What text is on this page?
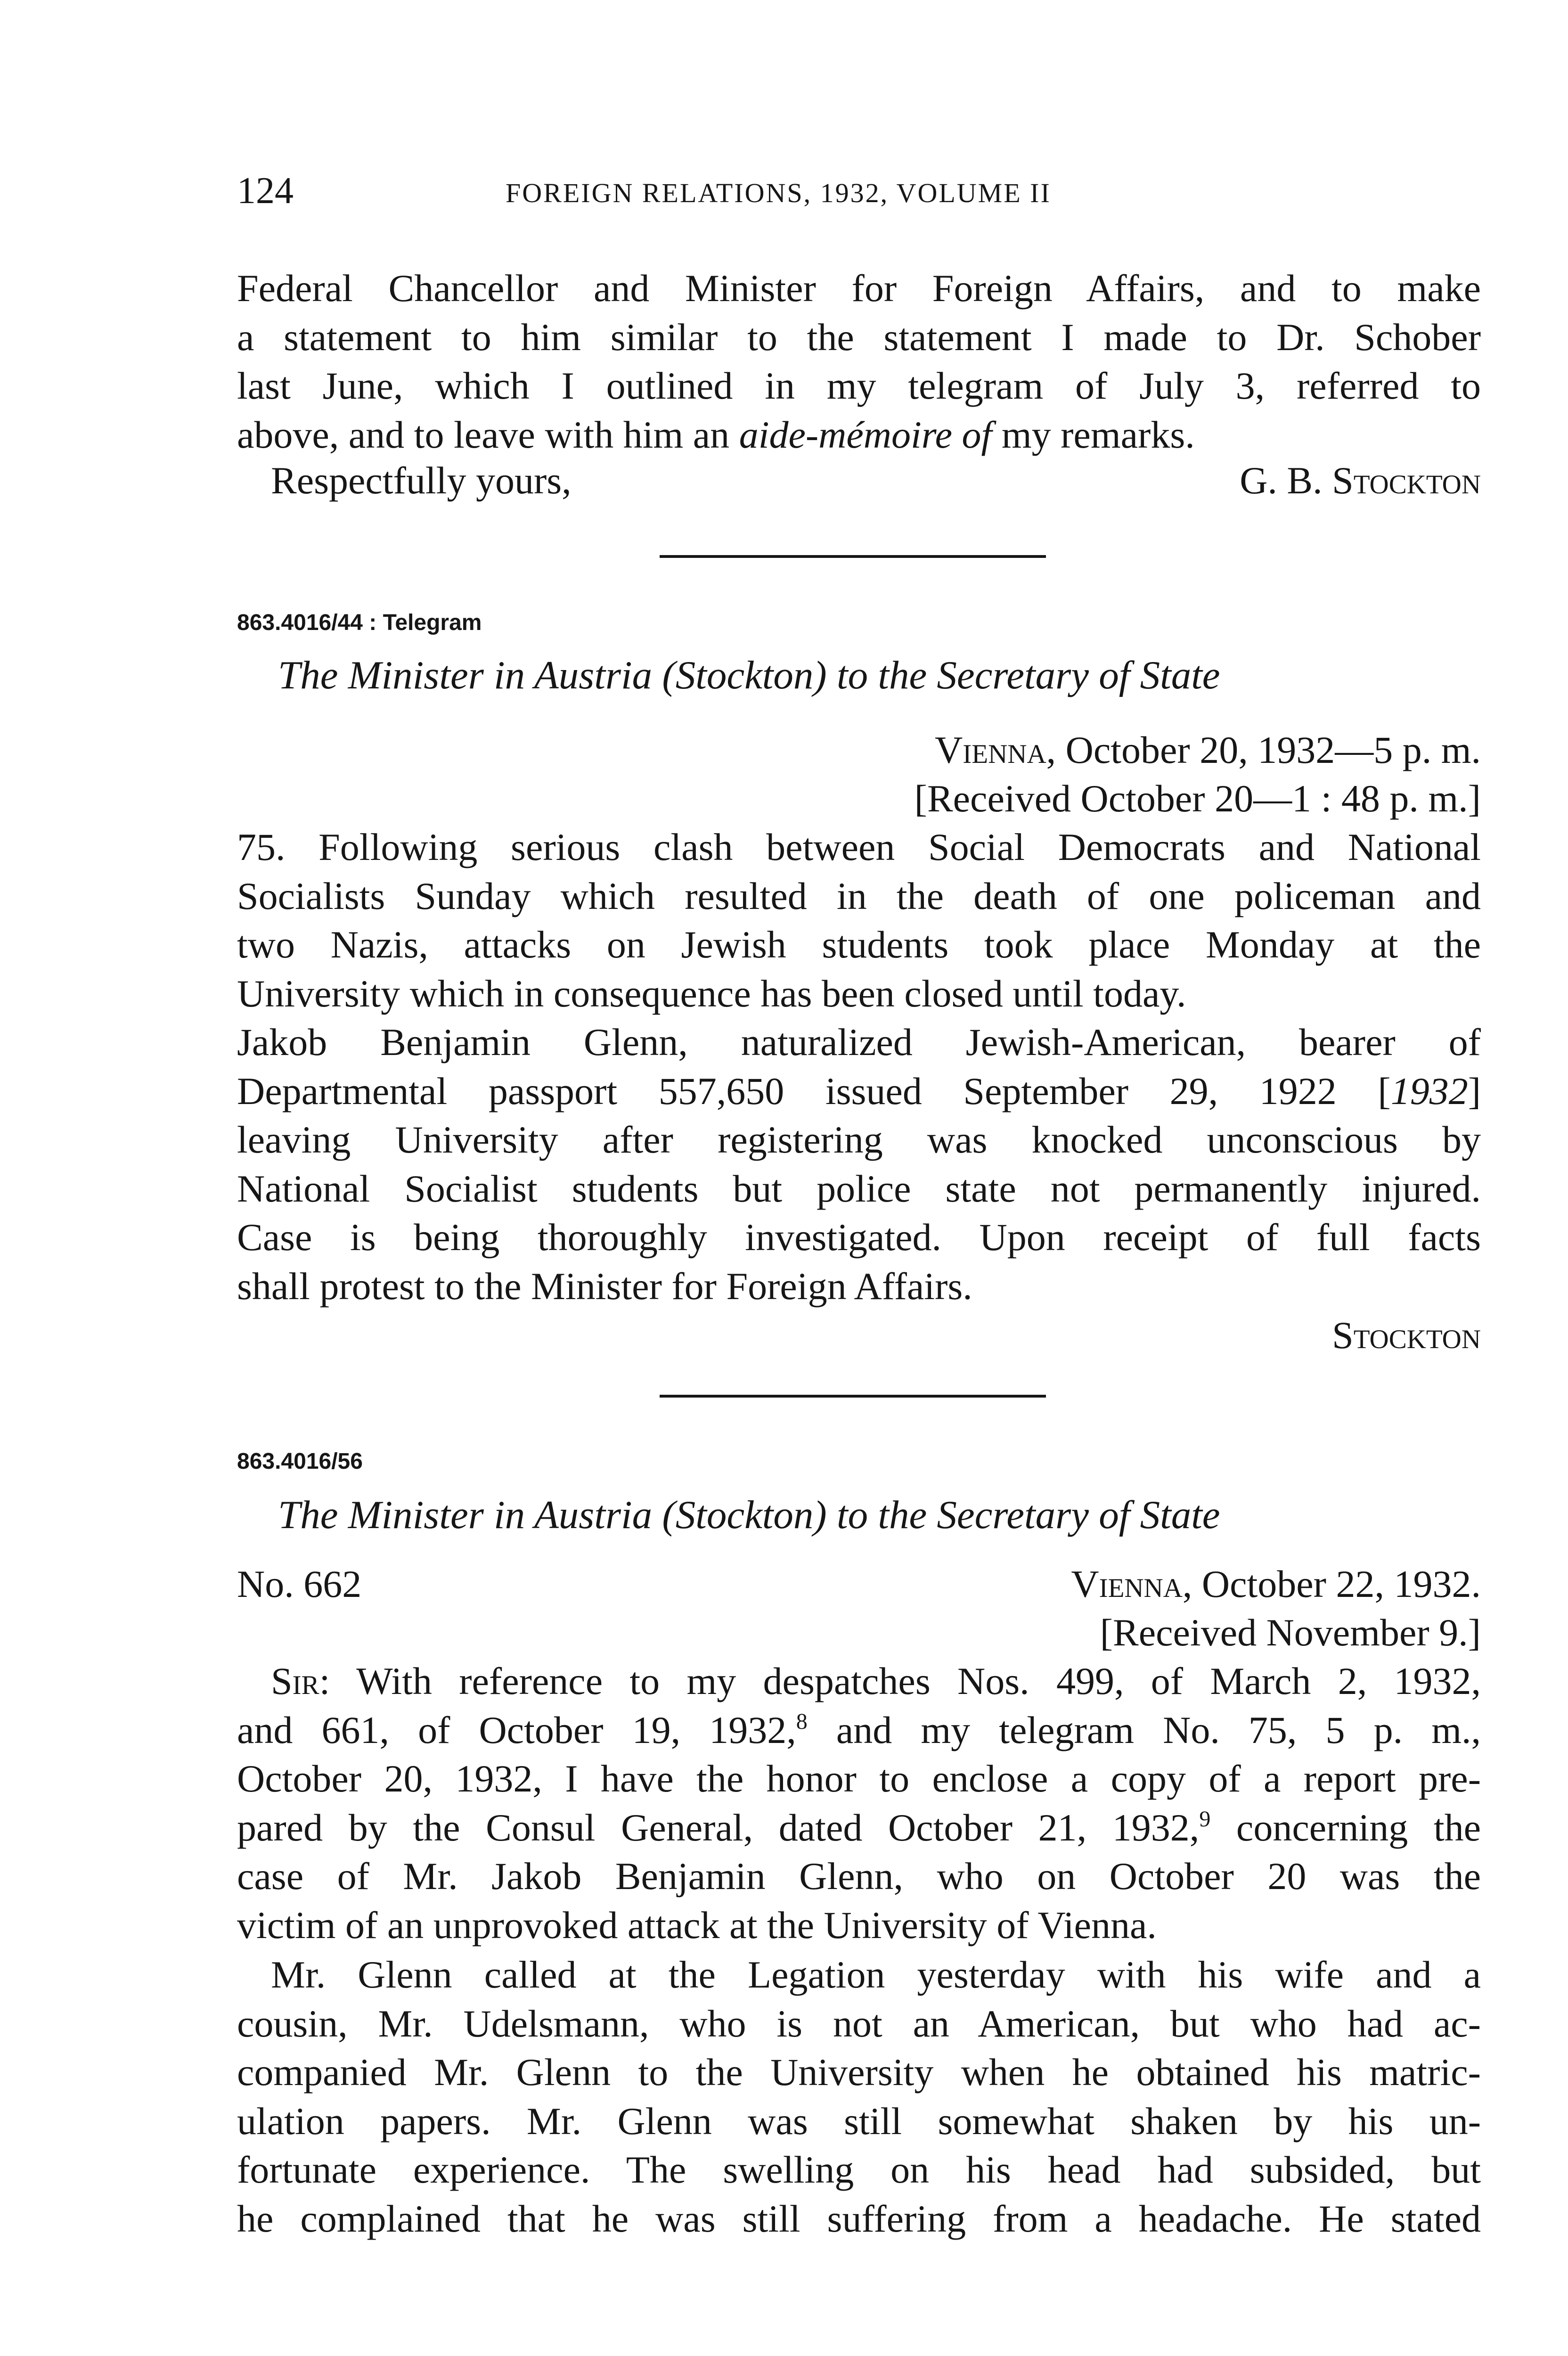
124	FOREIGN RELATIONS, 1932, VOLUME II
Federal Chancellor and Minister for Foreign Affairs, and to make
a statement to him similar to the statement I made to Dr. Schober
last June, which I outlined in my telegram of July 3, referred to
above, and to leave with him an aide-mémoire of my remarks.
Respectfully yours,	G. B. Stockton
863.4016/44 : Telegram
The Minister in Austria (Stockton) to the Secretary of State
Vienna, October 20, 1932—5 p. m.
[Received October 20—1 : 48 p. m.]
75. Following serious clash between Social Democrats and National
Socialists Sunday which resulted in the death of one policeman and
two Nazis, attacks on Jewish students took place Monday at the
University which in consequence has been closed until today.
Jakob Benjamin Glenn, naturalized Jewish-American, bearer of
Departmental passport 557,650 issued September 29, 1922 [1932]
leaving University after registering was knocked unconscious by
National Socialist students but police state not permanently injured.
Case is being thoroughly investigated. Upon receipt of full facts
shall protest to the Minister for Foreign Affairs.
Stockton
863.4016/56
The Minister in Austria (Stockton) to the Secretary of State
No. 662	Vienna, October 22, 1932.
[Received November 9.]
Sir: With reference to my despatches Nos. 499, of March 2, 1932,
and 661, of October 19, 1932,$^8$ and my telegram No. 75, 5 p. m.,
October 20, 1932, I have the honor to enclose a copy of a report pre-
pared by the Consul General, dated October 21, 1932,$^9$ concerning the
case of Mr. Jakob Benjamin Glenn, who on October 20 was the
victim of an unprovoked attack at the University of Vienna.
Mr. Glenn called at the Legation yesterday with his wife and a
cousin, Mr. Udelsmann, who is not an American, but who had ac-
companied Mr. Glenn to the University when he obtained his matric-
ulation papers. Mr. Glenn was still somewhat shaken by his un-
fortunate experience. The swelling on his head had subsided, but
he complained that he was still suffering from a headache. He stated
